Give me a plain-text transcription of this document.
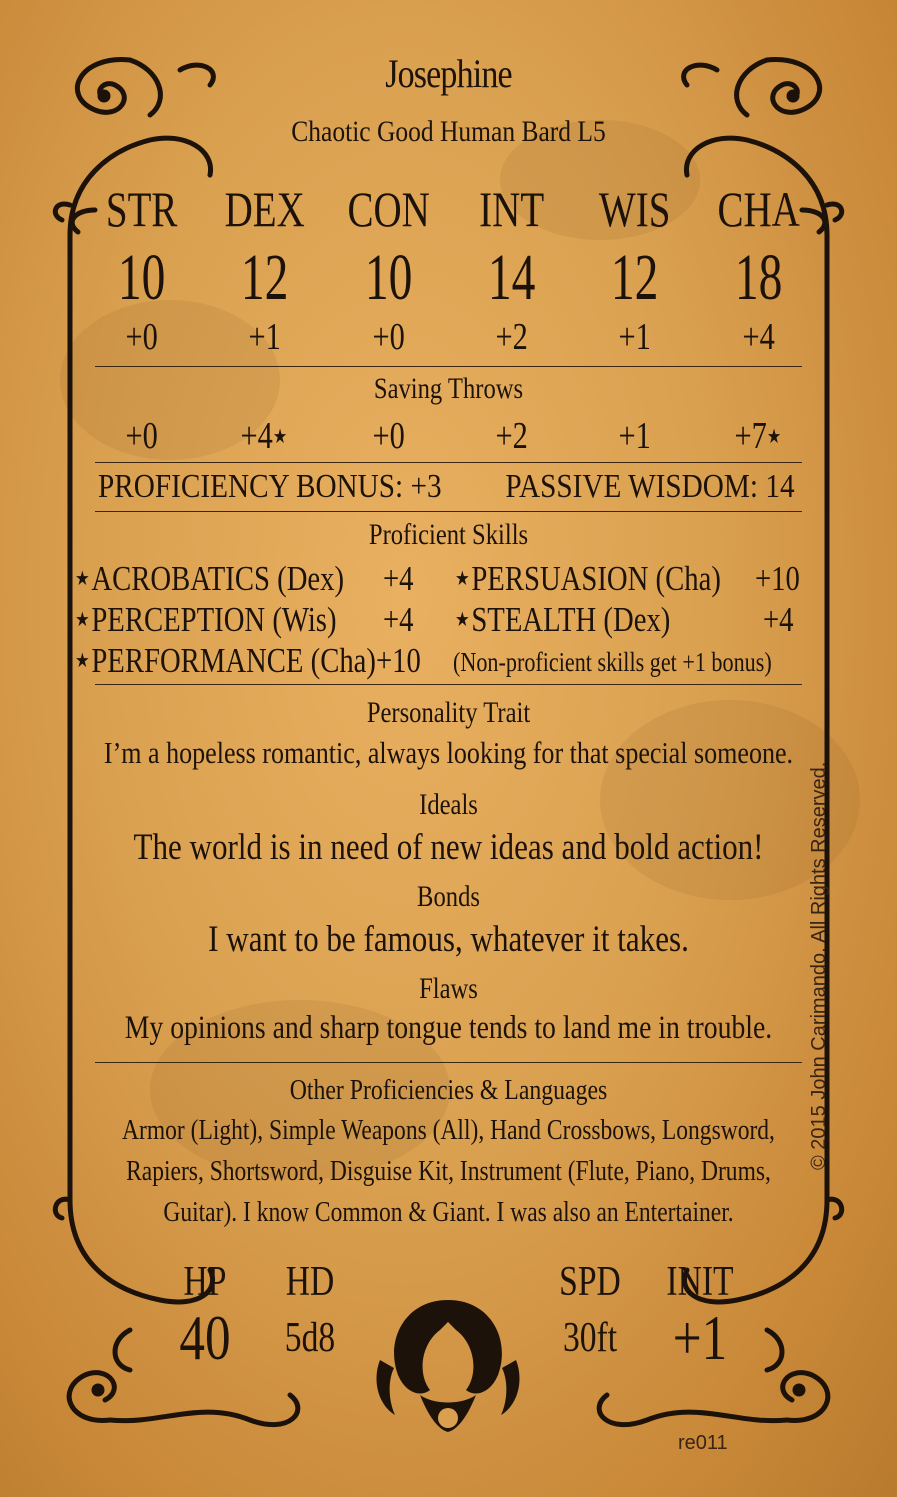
Josephine
Chaotic Good Human Bard L5
STR DEX CON INT	WIS CHA
10	12	10	14	12	18
+0	+1	+0	+2	+1	+4
Saving Throws
+0	+4★	+0	+2	+1	+7★
PROFICIENCY BONUS: +3 PASSIVE WISDOM: 14
Proficient Skills
★ACROBATICS (Dex) +4 ★PERSUASION (Cha) +10
★PERCEPTION (Wis) +4 ★STEALTH (Dex)	+4
★PERFORMANCE (Cha)+10 (Non-proficient skills get +1 bonus)
Personality Trait
I’m a hopeless romantic, always looking for that special someone.
Ideals
The world is in need of new ideas and bold action!
Bonds
I want to be famous, whatever it takes.
Flaws
My opinions and sharp tongue tends to land me in trouble.
Other Proficiencies & Languages
Armor (Light), Simple Weapons (All), Hand Crossbows, Longsword,
Rapiers, Shortsword, Disguise Kit, Instrument (Flute, Piano, Drums,
Guitar). I know Common & Giant. I was also an Entertainer.
HP
40
HD
5d8
SPD
30ft
INIT
+1
© 2015 John Carimando. All Rights Reserved.
re011
